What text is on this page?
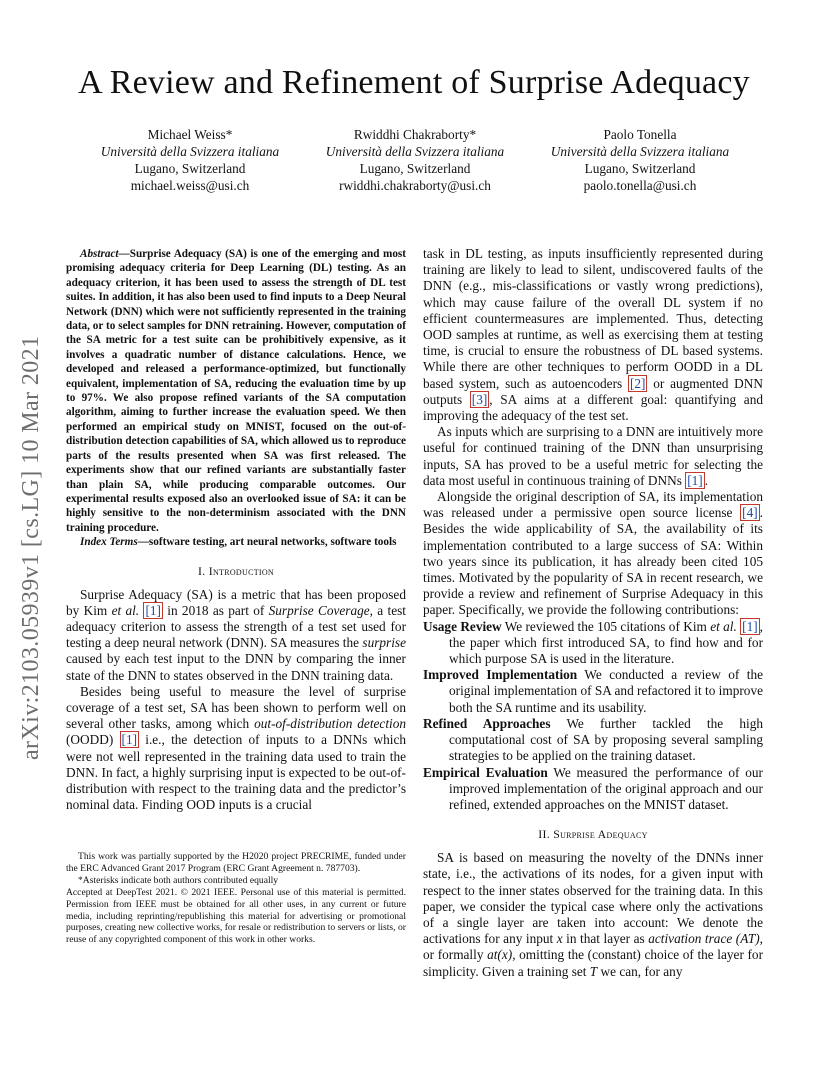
A Review and Refinement of Surprise Adequacy
Michael Weiss*
Università della Svizzera italiana
Lugano, Switzerland
michael.weiss@usi.ch
Rwiddhi Chakraborty*
Università della Svizzera italiana
Lugano, Switzerland
rwiddhi.chakraborty@usi.ch
Paolo Tonella
Università della Svizzera italiana
Lugano, Switzerland
paolo.tonella@usi.ch
arXiv:2103.05939v1 [cs.LG] 10 Mar 2021

Abstract—Surprise Adequacy (SA) is one of the emerging and most promising adequacy criteria for Deep Learning (DL) testing. As an adequacy criterion, it has been used to assess the strength of DL test suites. In addition, it has also been used to find inputs to a Deep Neural Network (DNN) which were not sufficiently represented in the training data, or to select samples for DNN retraining. However, computation of the SA metric for a test suite can be prohibitively expensive, as it involves a quadratic number of distance calculations. Hence, we developed and released a performance-optimized, but functionally equivalent, implementation of SA, reducing the evaluation time by up to 97%. We also propose refined variants of the SA computation algorithm, aiming to further increase the evaluation speed. We then performed an empirical study on MNIST, focused on the out-of-distribution detection capabilities of SA, which allowed us to reproduce parts of the results presented when SA was first released. The experiments show that our refined variants are substantially faster than plain SA, while producing comparable outcomes. Our experimental results exposed also an overlooked issue of SA: it can be highly sensitive to the non-determinism associated with the DNN training procedure.

Index Terms—software testing, art neural networks, software tools

I. Introduction

Surprise Adequacy (SA) is a metric that has been proposed by Kim et al. [1] in 2018 as part of Surprise Coverage, a test adequacy criterion to assess the strength of a test set used for testing a deep neural network (DNN). SA measures the surprise caused by each test input to the DNN by comparing the inner state of the DNN to states observed in the DNN training data.

Besides being useful to measure the level of surprise coverage of a test set, SA has been shown to perform well on several other tasks, among which out-of-distribution detection (OODD) [1] i.e., the detection of inputs to a DNNs which were not well represented in the training data used to train the DNN. In fact, a highly surprising input is expected to be out-of-distribution with respect to the training data and the predictor’s nominal data. Finding OOD inputs is a crucial

This work was partially supported by the H2020 project PRECRIME, funded under the ERC Advanced Grant 2017 Program (ERC Grant Agreement n. 787703).

*Asterisks indicate both authors contributed equally

Accepted at DeepTest 2021. © 2021 IEEE. Personal use of this material is permitted. Permission from IEEE must be obtained for all other uses, in any current or future media, including reprinting/republishing this material for advertising or promotional purposes, creating new collective works, for resale or redistribution to servers or lists, or reuse of any copyrighted component of this work in other works.

task in DL testing, as inputs insufficiently represented during training are likely to lead to silent, undiscovered faults of the DNN (e.g., mis-classifications or vastly wrong predictions), which may cause failure of the overall DL system if no efficient countermeasures are implemented. Thus, detecting OOD samples at runtime, as well as exercising them at testing time, is crucial to ensure the robustness of DL based systems. While there are other techniques to perform OODD in a DL based system, such as autoencoders [2] or augmented DNN outputs [3] , SA aims at a different goal: quantifying and improving the adequacy of the test set.

As inputs which are surprising to a DNN are intuitively more useful for continued training of the DNN than unsurprising inputs, SA has proved to be a useful metric for selecting the data most useful in continuous training of DNNs [1] .

Alongside the original description of SA, its implementation was released under a permissive open source license [4] . Besides the wide applicability of SA, the availability of its implementation contributed to a large success of SA: Within two years since its publication, it has already been cited 105 times. Motivated by the popularity of SA in recent research, we provide a review and refinement of Surprise Adequacy in this paper. Specifically, we provide the following contributions:

Usage Review We reviewed the 105 citations of Kim et al. [1] , the paper which first introduced SA, to find how and for which purpose SA is used in the literature.

Improved Implementation We conducted a review of the original implementation of SA and refactored it to improve both the SA runtime and its usability.

Refined Approaches We further tackled the high computational cost of SA by proposing several sampling strategies to be applied on the training dataset.

Empirical Evaluation We measured the performance of our improved implementation of the original approach and our refined, extended approaches on the MNIST dataset.

II. Surprise Adequacy

SA is based on measuring the novelty of the DNNs inner state, i.e., the activations of its nodes, for a given input with respect to the inner states observed for the training data. In this paper, we consider the typical case where only the activations of a single layer are taken into account: We denote the activations for any input x in that layer as activation trace (AT), or formally at(x), omitting the (constant) choice of the layer for simplicity. Given a training set T we can, for any
